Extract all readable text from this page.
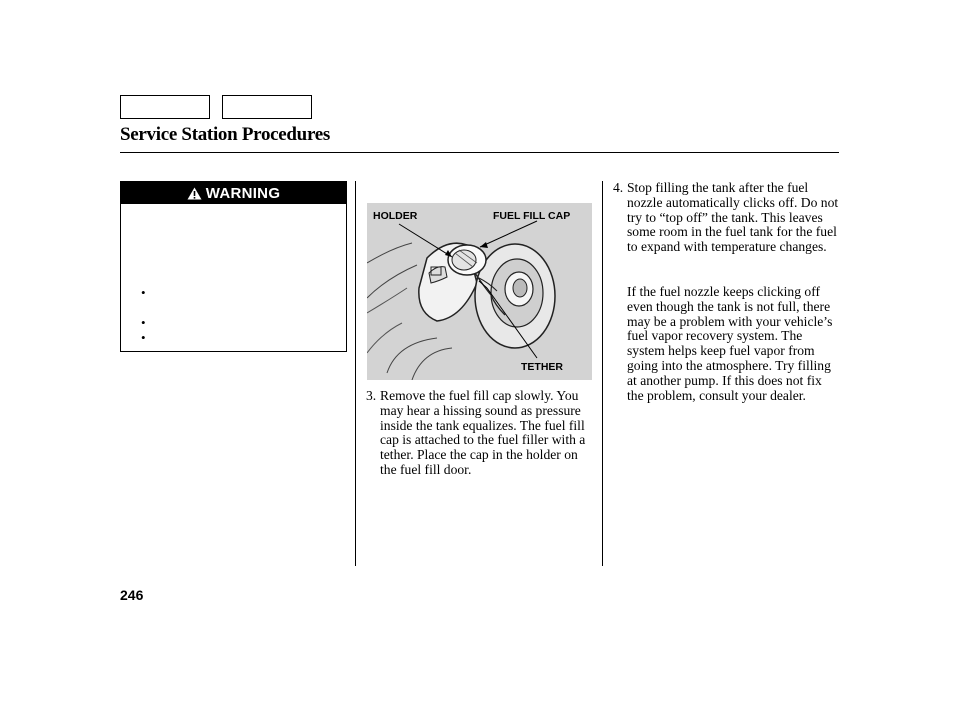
Service Station Procedures
WARNING
•
•
•
HOLDER	FUEL FILL CAP
TETHER
3. Remove the fuel fill cap slowly. You may hear a hissing sound as pressure inside the tank equalizes. The fuel fill cap is attached to the fuel filler with a tether. Place the cap in the holder on the fuel fill door.
4. Stop filling the tank after the fuel nozzle automatically clicks off. Do not try to “top off” the tank. This leaves some room in the fuel tank for the fuel to expand with temperature changes.
If the fuel nozzle keeps clicking off even though the tank is not full, there may be a problem with your vehicle’s fuel vapor recovery system. The system helps keep fuel vapor from going into the atmosphere. Try filling at another pump. If this does not fix the problem, consult your dealer.
246
